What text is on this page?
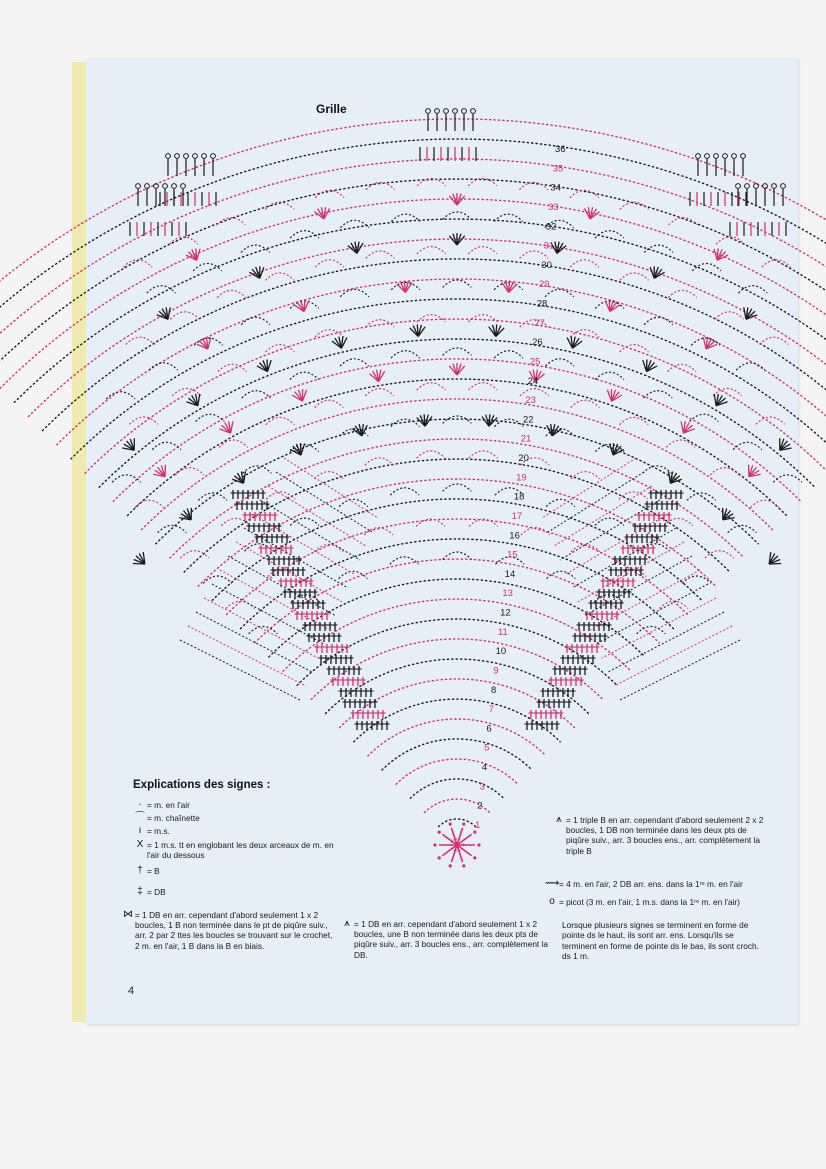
36
35
34
33
32
31
30
29
28
27
26
25
24
23
22
21
20
19
18
17
16
15
14
13
12
11
10
9
8
7
6
5
4
3
2
1
Grille
Explications des signes :
· = m. en l'air
⌒ = m. chaînette
ı = m.s.
X = 1 m.s. tt en englobant les deux arceaux de m. en l'air du dessous
† = B
‡ = DB
⋈ = 1 DB en arr. cependant d'abord seulement 1 x 2 boucles, 1 B non terminée dans le pt de piqûre suiv., arr. 2 par 2 ttes les boucles se trouvant sur le crochet, 2 m. en l'air, 1 B dans la B en biais.
⩚ = 1 DB en arr. cependant d'abord seulement 1 x 2 boucles, une B non terminée dans les deux pts de piqûre suiv., arr. 3 boucles ens., arr. complètement la DB.
⩚ = 1 triple B en arr. cependant d'abord seulement 2 x 2 boucles, 1 DB non terminée dans les deux pts de piqûre suiv., arr. 3 boucles ens., arr. complètement la triple B
⟿ = 4 m. en l'air, 2 DB arr. ens. dans la 1ʳᵉ m. en l'air
o = picot (3 m. en l'air, 1 m.s. dans la 1ʳᵉ m. en l'air)
Lorsque plusieurs signes se terminent en forme de pointe ds le haut, ils sont arr. ens. Lorsqu'ils se terminent en forme de pointe ds le bas, ils sont croch. ds 1 m.
4
